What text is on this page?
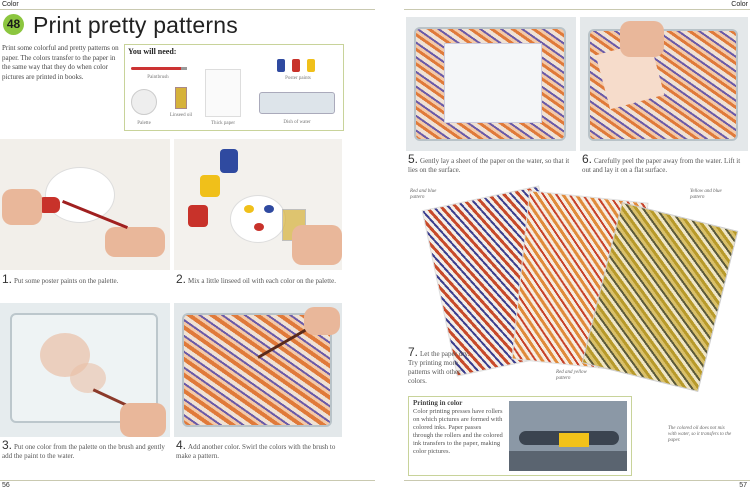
Color	Color
48 Print pretty patterns
Print some colorful and pretty patterns on paper. The colors transfer to the paper in the same way that they do when color pictures are printed in books.
You will need:
Paintbrush	Poster paints
Palette
Linseed oil
Thick paper	Dish of water
1. Put some poster paints on the palette.	2. Mix a little linseed oil with each color on the palette.
3. Put one color from the palette on the brush and gently add the paint to the water.
4. Add another color. Swirl the colors with the brush to make a pattern.
5. Gently lay a sheet of the paper on the water, so that it lies on the surface.
6. Carefully peel the paper away from the water. Lift it out and lay it on a flat surface.
Red and blue pattern
Yellow and blue pattern
Red and yellow pattern
The colored oil does not mix with water, so it transfers to the paper.
7. Let the paper dry. Try printing more patterns with other colors.
Printing in color
Color printing presses have rollers on which pictures are formed with colored inks. Paper passes through the rollers and the colored ink transfers to the paper, making color pictures.
56	57
